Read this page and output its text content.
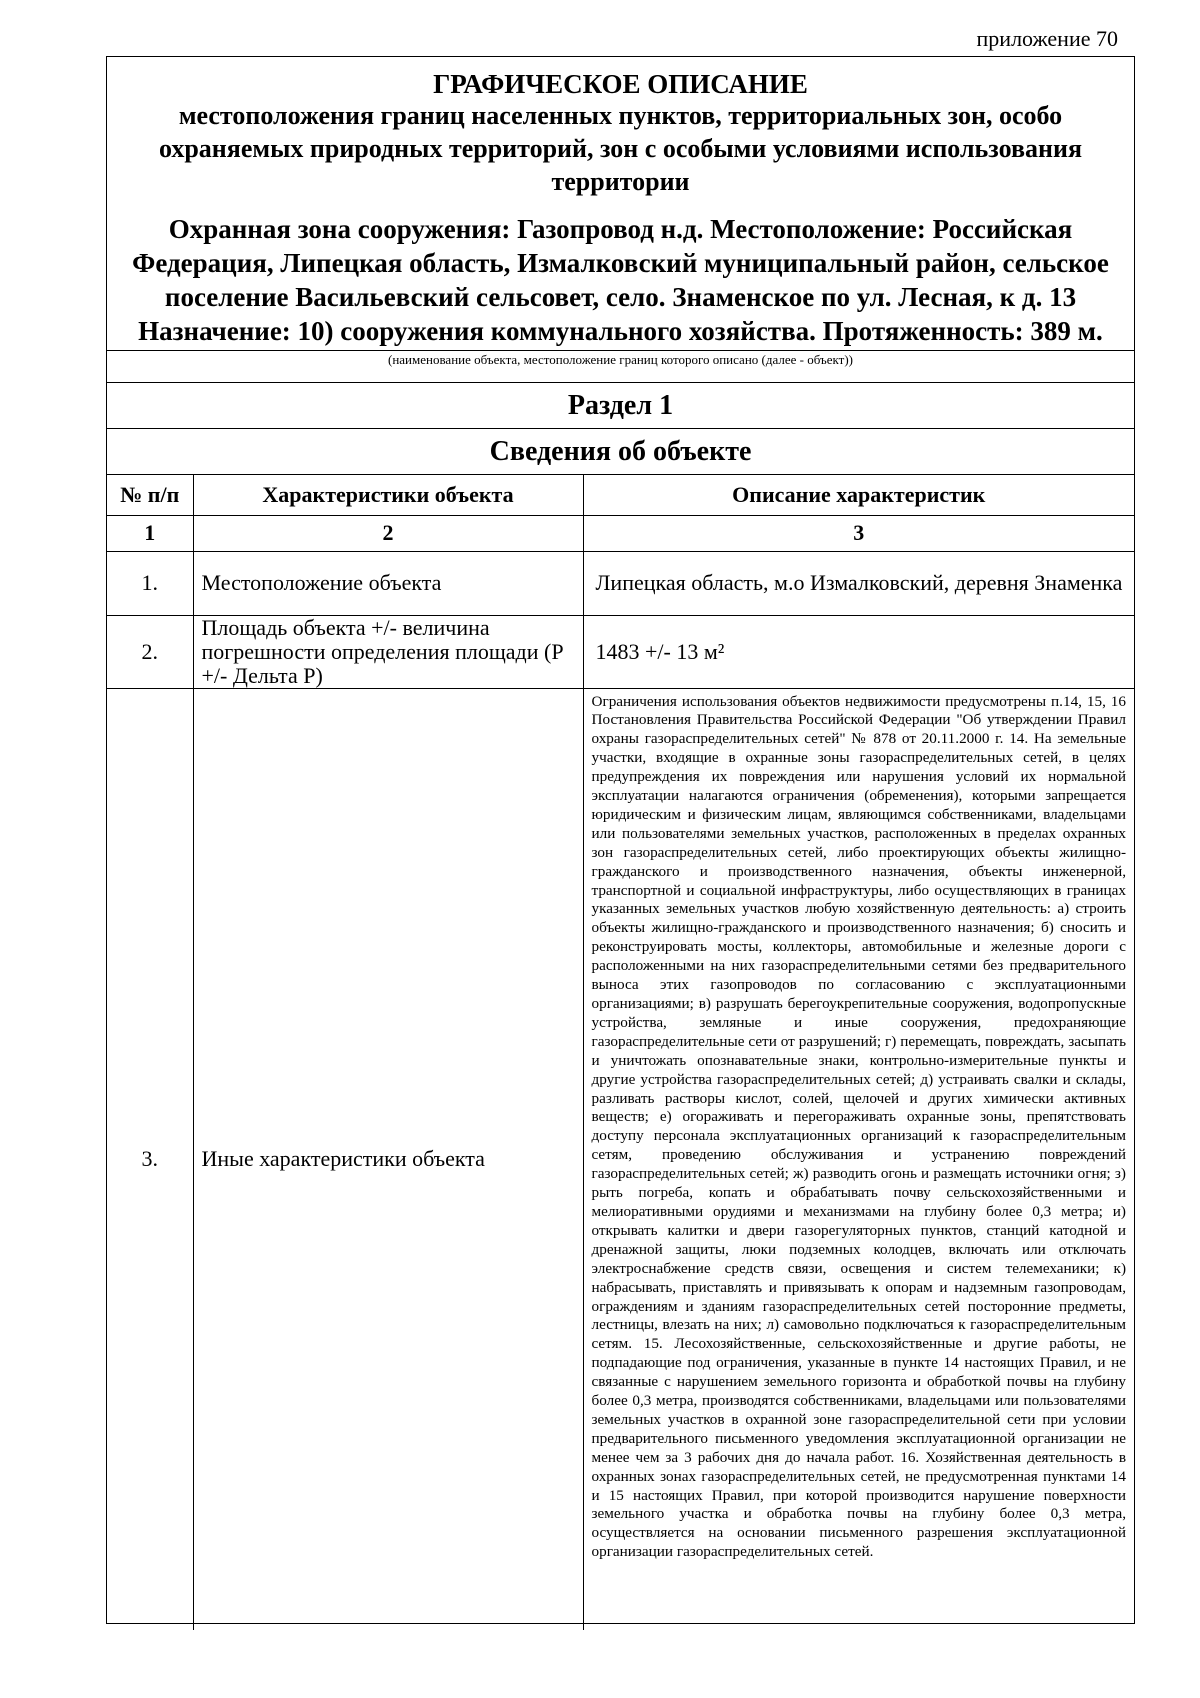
приложение 70
ГРАФИЧЕСКОЕ ОПИСАНИЕ
местоположения границ населенных пунктов, территориальных зон, особо охраняемых природных территорий, зон с особыми условиями использования территории
Охранная зона сооружения: Газопровод н.д. Местоположение: Российская Федерация, Липецкая область, Измалковский муниципальный район, сельское поселение Васильевский сельсовет, село. Знаменское по ул. Лесная, к д. 13
Назначение: 10) сооружения коммунального хозяйства. Протяженность: 389 м.
(наименование объекта, местоположение границ которого описано (далее - объект))
Раздел 1
Сведения об объекте
№ п/п	Характеристики объекта	Описание характеристик
1	2	3
1.	Местоположение объекта	Липецкая область, м.о Измалковский, деревня Знаменка
2.	Площадь объекта +/- величина погрешности определения площади (Р +/- Дельта Р)	1483 +/- 13 м²
3.	Иные характеристики объекта	Ограничения использования объектов недвижимости предусмотрены п.14, 15, 16 Постановления Правительства Российской Федерации "Об утверждении Правил охраны газораспределительных сетей" № 878 от 20.11.2000 г. 14. На земельные участки, входящие в охранные зоны газораспределительных сетей, в целях предупреждения их повреждения или нарушения условий их нормальной эксплуатации налагаются ограничения (обременения), которыми запрещается юридическим и физическим лицам, являющимся собственниками, владельцами или пользователями земельных участков, расположенных в пределах охранных зон газораспределительных сетей, либо проектирующих объекты жилищно-гражданского и производственного назначения, объекты инженерной, транспортной и социальной инфраструктуры, либо осуществляющих в границах указанных земельных участков любую хозяйственную деятельность: а) строить объекты жилищно-гражданского и производственного назначения; б) сносить и реконструировать мосты, коллекторы, автомобильные и железные дороги с расположенными на них газораспределительными сетями без предварительного выноса этих газопроводов по согласованию с эксплуатационными организациями; в) разрушать берегоукрепительные сооружения, водопропускные устройства, земляные и иные сооружения, предохраняющие газораспределительные сети от разрушений; г) перемещать, повреждать, засыпать и уничтожать опознавательные знаки, контрольно-измерительные пункты и другие устройства газораспределительных сетей; д) устраивать свалки и склады, разливать растворы кислот, солей, щелочей и других химически активных веществ; е) огораживать и перегораживать охранные зоны, препятствовать доступу персонала эксплуатационных организаций к газораспределительным сетям, проведению обслуживания и устранению повреждений газораспределительных сетей; ж) разводить огонь и размещать источники огня; з) рыть погреба, копать и обрабатывать почву сельскохозяйственными и мелиоративными орудиями и механизмами на глубину более 0,3 метра; и) открывать калитки и двери газорегуляторных пунктов, станций катодной и дренажной защиты, люки подземных колодцев, включать или отключать электроснабжение средств связи, освещения и систем телемеханики; к) набрасывать, приставлять и привязывать к опорам и надземным газопроводам, ограждениям и зданиям газораспределительных сетей посторонние предметы, лестницы, влезать на них; л) самовольно подключаться к газораспределительным сетям. 15. Лесохозяйственные, сельскохозяйственные и другие работы, не подпадающие под ограничения, указанные в пункте 14 настоящих Правил, и не связанные с нарушением земельного горизонта и обработкой почвы на глубину более 0,3 метра, производятся собственниками, владельцами или пользователями земельных участков в охранной зоне газораспределительной сети при условии предварительного письменного уведомления эксплуатационной организации не менее чем за 3 рабочих дня до начала работ. 16. Хозяйственная деятельность в охранных зонах газораспределительных сетей, не предусмотренная пунктами 14 и 15 настоящих Правил, при которой производится нарушение поверхности земельного участка и обработка почвы на глубину более 0,3 метра, осуществляется на основании письменного разрешения эксплуатационной организации газораспределительных сетей.
